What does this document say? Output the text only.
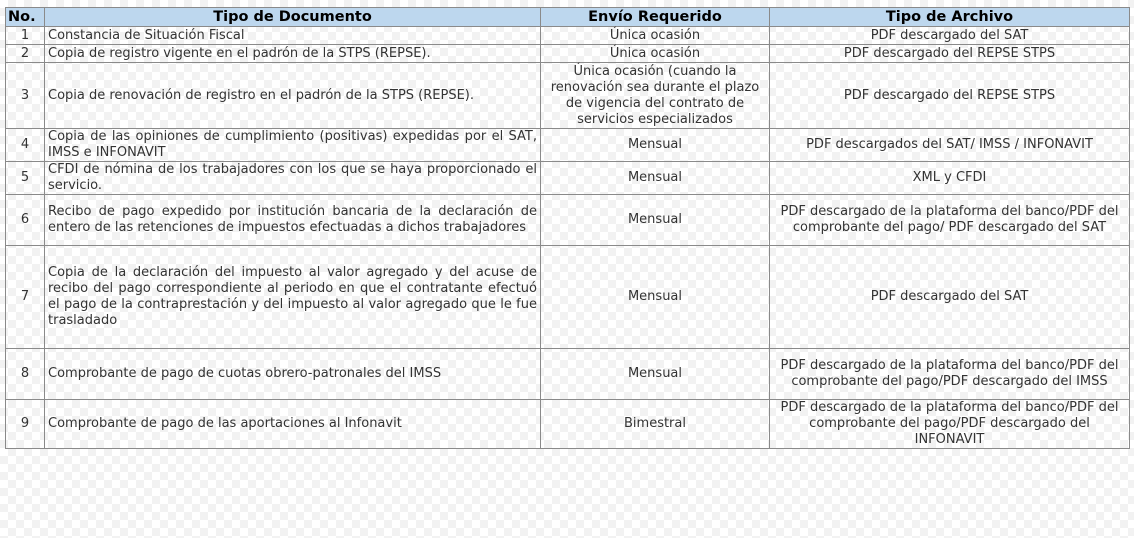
No.	Tipo de Documento	Envío Requerido	Tipo de Archivo
1	Constancia de Situación Fiscal	Única ocasión	PDF descargado del SAT
2	Copia de registro vigente en el padrón de la STPS (REPSE).	Única ocasión	PDF descargado del REPSE STPS
3	Copia de renovación de registro en el padrón de la STPS (REPSE).	Única ocasión (cuando la renovación sea durante el plazo de vigencia del contrato de servicios especializados	PDF descargado del REPSE STPS
4	Copia de las opiniones de cumplimiento (positivas) expedidas por el SAT, IMSS e INFONAVIT	Mensual	PDF descargados del SAT/ IMSS / INFONAVIT
5	CFDI de nómina de los trabajadores con los que se haya proporcionado el servicio.	Mensual	XML y CFDI
6	Recibo de pago expedido por institución bancaria de la declaración de entero de las retenciones de impuestos efectuadas a dichos trabajadores	Mensual	PDF descargado de la plataforma del banco/PDF del comprobante del pago/ PDF descargado del SAT
7	Copia de la declaración del impuesto al valor agregado y del acuse de recibo del pago correspondiente al periodo en que el contratante efectuó el pago de la contraprestación y del impuesto al valor agregado que le fue trasladado	Mensual	PDF descargado del SAT
8	Comprobante de pago de cuotas obrero-patronales del IMSS	Mensual	PDF descargado de la plataforma del banco/PDF del comprobante del pago/PDF descargado del IMSS
9	Comprobante de pago de las aportaciones al Infonavit	Bimestral	PDF descargado de la plataforma del banco/PDF del comprobante del pago/PDF descargado del INFONAVIT
